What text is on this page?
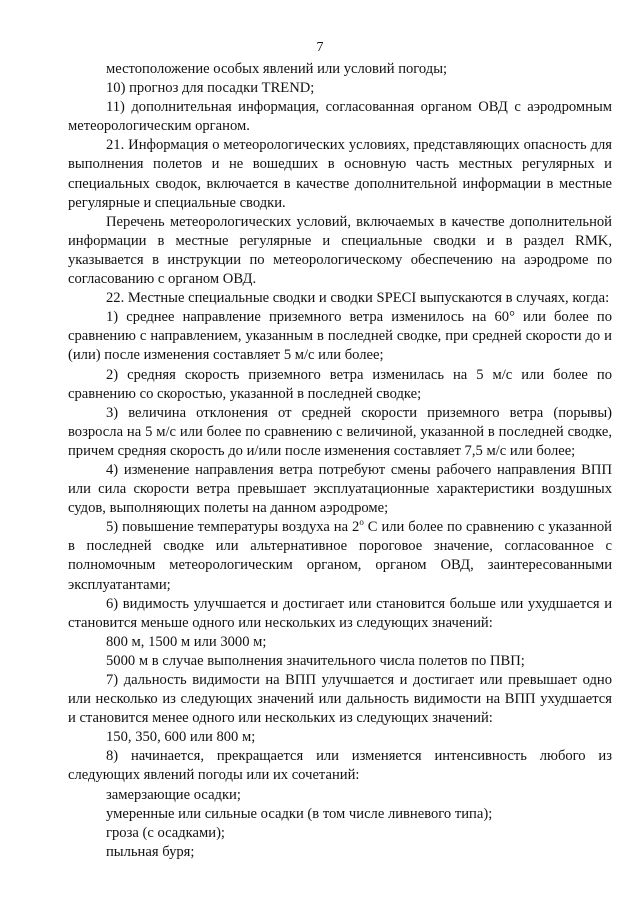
7

местоположение особых явлений или условий погоды;

10) прогноз для посадки TREND;

11) дополнительная информация, согласованная органом ОВД с аэродромным метеорологическим органом.

21. Информация о метеорологических условиях, представляющих опасность для выполнения полетов и не вошедших в основную часть местных регулярных и специальных сводок, включается в качестве дополнительной информации в местные регулярные и специальные сводки.

Перечень метеорологических условий, включаемых в качестве дополнительной информации в местные регулярные и специальные сводки и в раздел RMK, указывается в инструкции по метеорологическому обеспечению на аэродроме по согласованию с органом ОВД.

22. Местные специальные сводки и сводки SPECI выпускаются в случаях, когда:

1) среднее направление приземного ветра изменилось на 60° или более по сравнению с направлением, указанным в последней сводке, при средней скорости до и (или) после изменения составляет 5 м/с или более;

2) средняя скорость приземного ветра изменилась на 5 м/с или более по сравнению со скоростью, указанной в последней сводке;

3) величина отклонения от средней скорости приземного ветра (порывы) возросла на 5 м/с или более по сравнению с величиной, указанной в последней сводке, причем средняя скорость до и/или после изменения составляет 7,5 м/с или более;

4) изменение направления ветра потребуют смены рабочего направления ВПП или сила скорости ветра превышает эксплуатационные характеристики воздушных судов, выполняющих полеты на данном аэродроме;

5) повышение температуры воздуха на $2^о$ С или более по сравнению с указанной в последней сводке или альтернативное пороговое значение, согласованное с полномочным метеорологическим органом, органом ОВД, заинтересованными эксплуатантами;

6) видимость улучшается и достигает или становится больше или ухудшается и становится меньше одного или нескольких из следующих значений:

800 м, 1500 м или 3000 м;

5000 м в случае выполнения значительного числа полетов по ПВП;

7) дальность видимости на ВПП улучшается и достигает или превышает одно или несколько из следующих значений или дальность видимости на ВПП ухудшается и становится менее одного или нескольких из следующих значений:

150, 350, 600 или 800 м;

8) начинается, прекращается или изменяется интенсивность любого из следующих явлений погоды или их сочетаний:

замерзающие осадки;

умеренные или сильные осадки (в том числе ливневого типа);

гроза (с осадками);

пыльная буря;
